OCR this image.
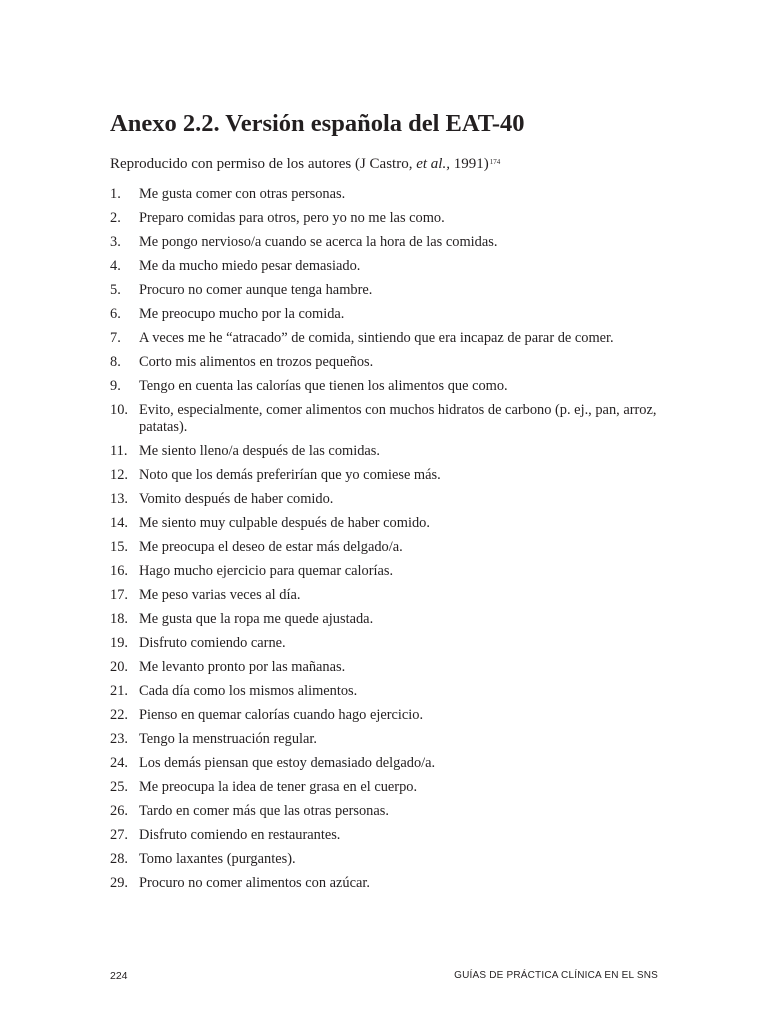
Anexo 2.2. Versión española del EAT-40

Reproducido con permiso de los autores (J Castro, et al., 1991)$^{174}$

1. Me gusta comer con otras personas.
2. Preparo comidas para otros, pero yo no me las como.
3. Me pongo nervioso/a cuando se acerca la hora de las comidas.
4. Me da mucho miedo pesar demasiado.
5. Procuro no comer aunque tenga hambre.
6. Me preocupo mucho por la comida.
7. A veces me he “atracado” de comida, sintiendo que era incapaz de parar de comer.
8. Corto mis alimentos en trozos pequeños.
9. Tengo en cuenta las calorías que tienen los alimentos que como.
10. Evito, especialmente, comer alimentos con muchos hidratos de carbono (p. ej., pan, arroz, patatas).
11. Me siento lleno/a después de las comidas.
12. Noto que los demás preferirían que yo comiese más.
13. Vomito después de haber comido.
14. Me siento muy culpable después de haber comido.
15. Me preocupa el deseo de estar más delgado/a.
16. Hago mucho ejercicio para quemar calorías.
17. Me peso varias veces al día.
18. Me gusta que la ropa me quede ajustada.
19. Disfruto comiendo carne.
20. Me levanto pronto por las mañanas.
21. Cada día como los mismos alimentos.
22. Pienso en quemar calorías cuando hago ejercicio.
23. Tengo la menstruación regular.
24. Los demás piensan que estoy demasiado delgado/a.
25. Me preocupa la idea de tener grasa en el cuerpo.
26. Tardo en comer más que las otras personas.
27. Disfruto comiendo en restaurantes.
28. Tomo laxantes (purgantes).
29. Procuro no comer alimentos con azúcar.
224	GUÍAS DE PRÁCTICA CLÍNICA EN EL SNS
